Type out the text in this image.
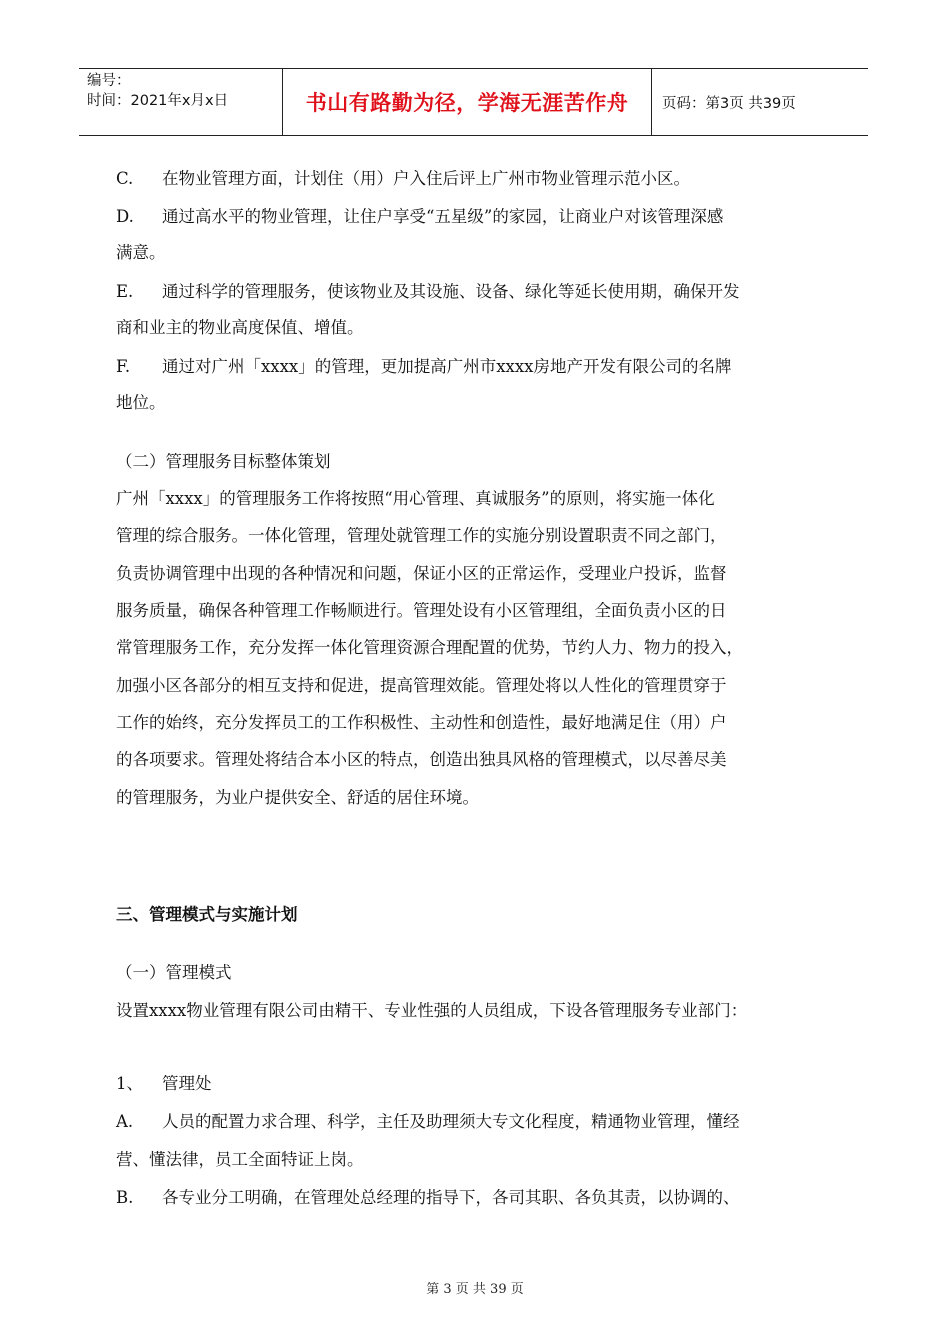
编号：
时间：2021年x月x日	书山有路勤为径，学海无涯苦作舟	页码：第3页 共39页
C. 在物业管理方面，计划住（用）户入住后评上广州市物业管理示范小区。
D. 通过高水平的物业管理，让住户享受“五星级”的家园，让商业户对该管理深感
满意。
E. 通过科学的管理服务，使该物业及其设施、设备、绿化等延长使用期，确保开发
商和业主的物业高度保值、增值。
F. 通过对广州「xxxx」的管理，更加提高广州市xxxx房地产开发有限公司的名牌
地位。
（二）管理服务目标整体策划
广州「xxxx」的管理服务工作将按照“用心管理、真诚服务”的原则，将实施一体化
管理的综合服务。一体化管理，管理处就管理工作的实施分别设置职责不同之部门，
负责协调管理中出现的各种情况和问题，保证小区的正常运作，受理业户投诉，监督
服务质量，确保各种管理工作畅顺进行。管理处设有小区管理组，全面负责小区的日
常管理服务工作，充分发挥一体化管理资源合理配置的优势，节约人力、物力的投入，
加强小区各部分的相互支持和促进，提高管理效能。管理处将以人性化的管理贯穿于
工作的始终，充分发挥员工的工作积极性、主动性和创造性，最好地满足住（用）户
的各项要求。管理处将结合本小区的特点，创造出独具风格的管理模式，以尽善尽美
的管理服务，为业户提供安全、舒适的居住环境。
三、管理模式与实施计划
（一）管理模式
设置xxxx物业管理有限公司由精干、专业性强的人员组成，下设各管理服务专业部门：
1、 管理处
A. 人员的配置力求合理、科学，主任及助理须大专文化程度，精通物业管理，懂经
营、懂法律，员工全面特证上岗。
B. 各专业分工明确，在管理处总经理的指导下，各司其职、各负其责，以协调的、
第 3 页 共 39 页
